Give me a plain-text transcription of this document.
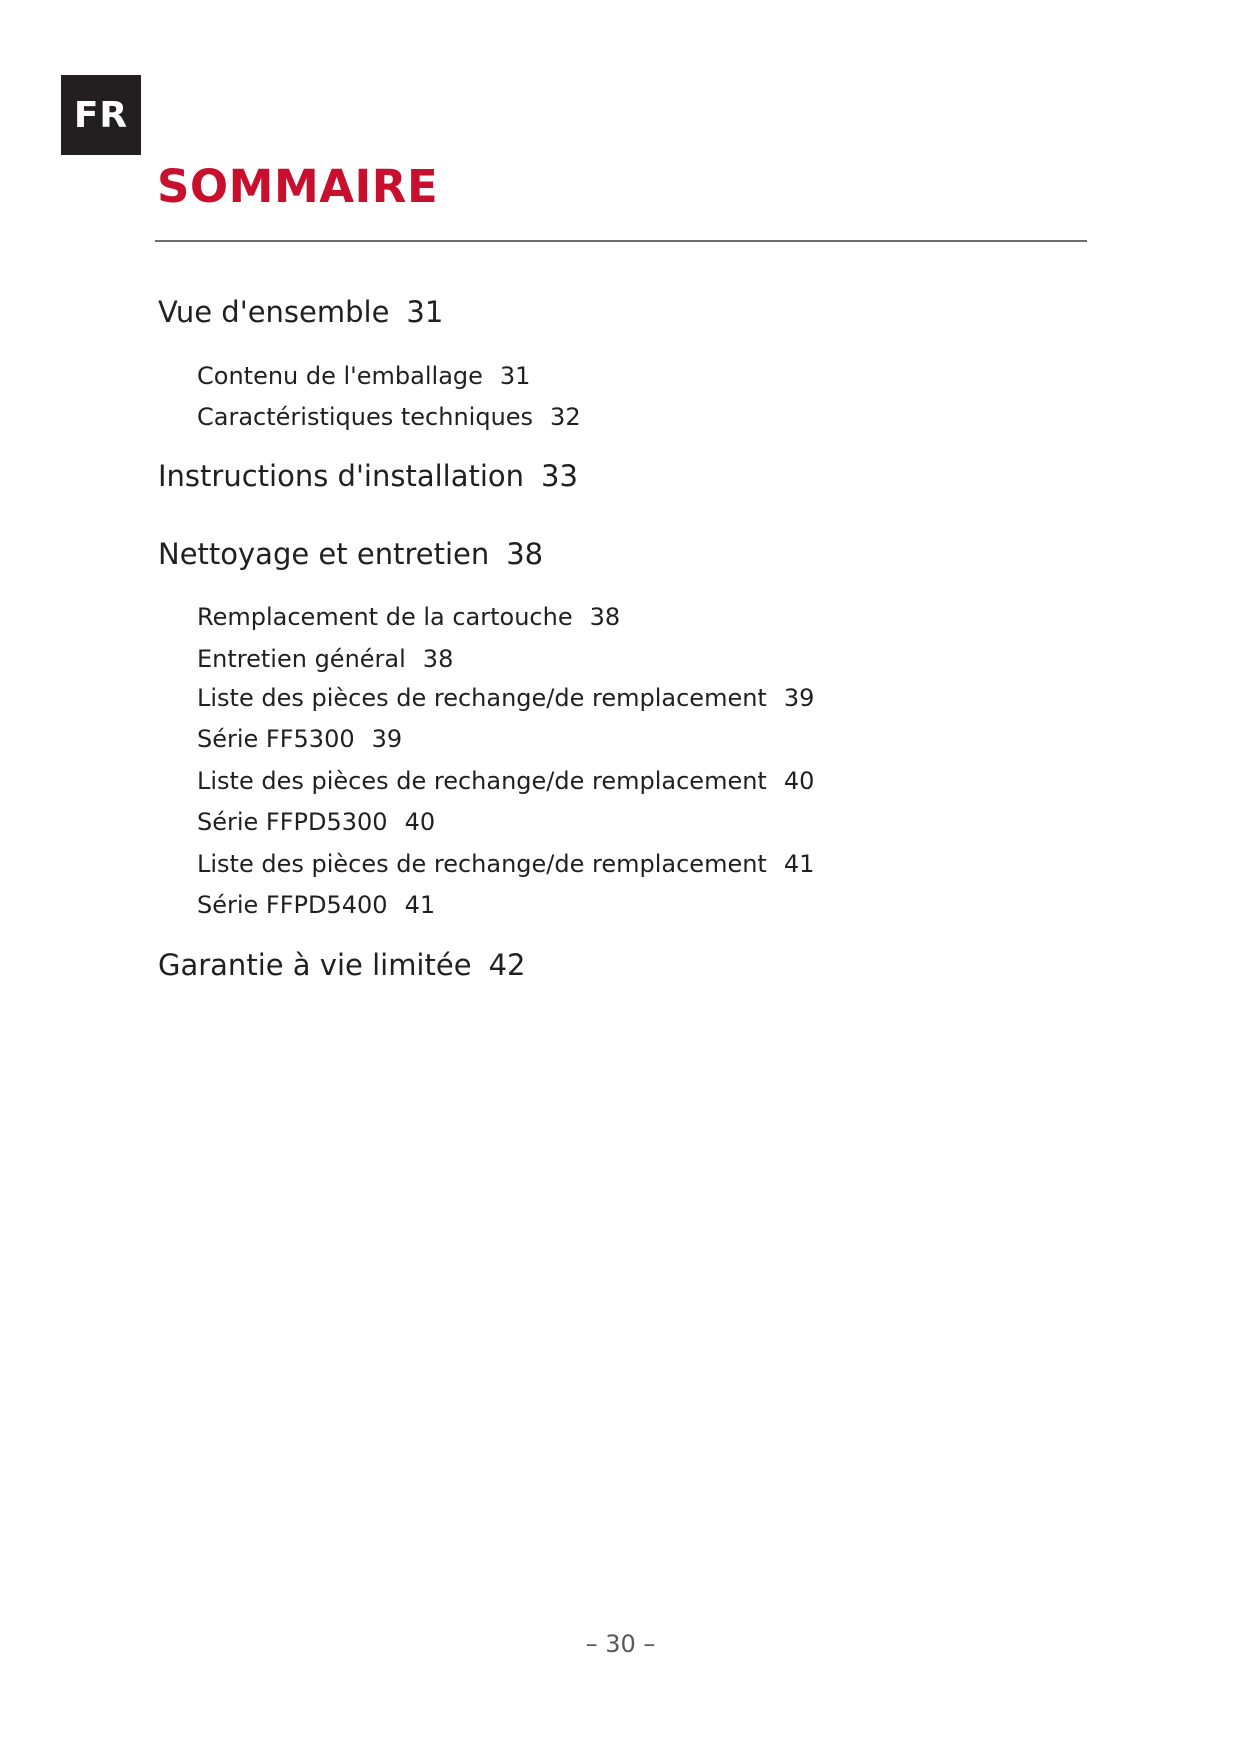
FR
SOMMAIRE

Vue d'ensemble 31

Contenu de l'emballage 31

Caractéristiques techniques 32

Instructions d'installation 33

Nettoyage et entretien 38

Remplacement de la cartouche 38

Entretien général 38

Liste des pièces de rechange/de remplacement 39

Série FF5300 39

Liste des pièces de rechange/de remplacement 40

Série FFPD5300 40

Liste des pièces de rechange/de remplacement 41

Série FFPD5400 41

Garantie à vie limitée 42

– 30 –
